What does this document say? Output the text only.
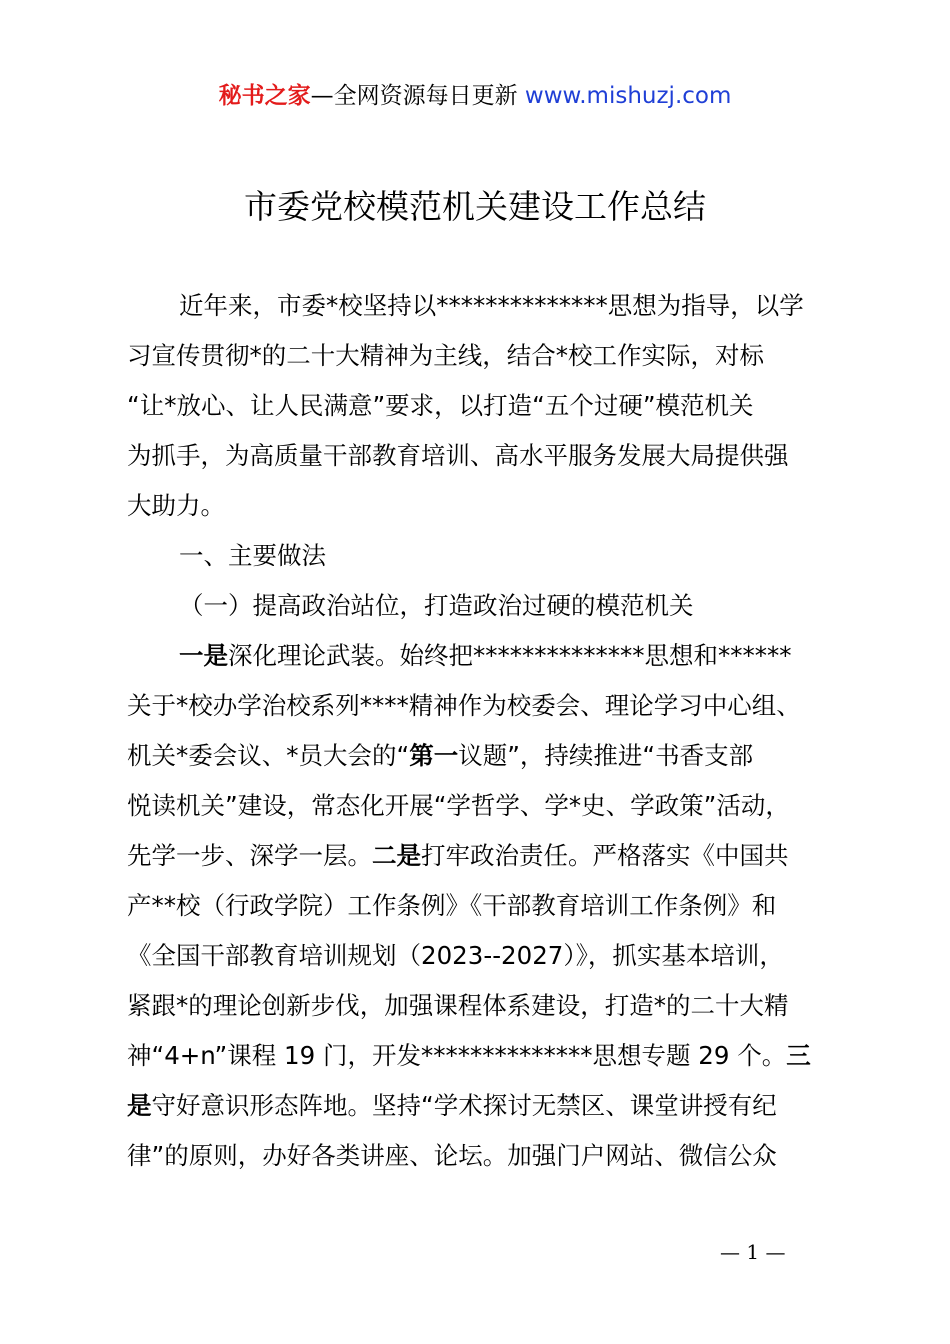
秘书之家—全网资源每日更新 www.mishuzj.com
市委党校模范机关建设工作总结
近年来，市委*校坚持以**************思想为指导，以学
习宣传贯彻*的二十大精神为主线，结合*校工作实际，对标
“让*放心、让人民满意”要求，以打造“五个过硬”模范机关
为抓手，为高质量干部教育培训、高水平服务发展大局提供强
大助力。
一、主要做法
（一）提高政治站位，打造政治过硬的模范机关
一是深化理论武装。始终把**************思想和******
关于*校办学治校系列****精神作为校委会、理论学习中心组、
机关*委会议、*员大会的“第一议题”，持续推进“书香支部
悦读机关”建设，常态化开展“学哲学、学*史、学政策”活动，
先学一步、深学一层。二是打牢政治责任。严格落实《中国共
产**校（行政学院）工作条例》《干部教育培训工作条例》和
《全国干部教育培训规划（2023--2027）》，抓实基本培训，
紧跟*的理论创新步伐，加强课程体系建设，打造*的二十大精
神“4+n”课程 19 门，开发**************思想专题 29 个。三
是守好意识形态阵地。坚持“学术探讨无禁区、课堂讲授有纪
律”的原则，办好各类讲座、论坛。加强门户网站、微信公众
— 1 —
